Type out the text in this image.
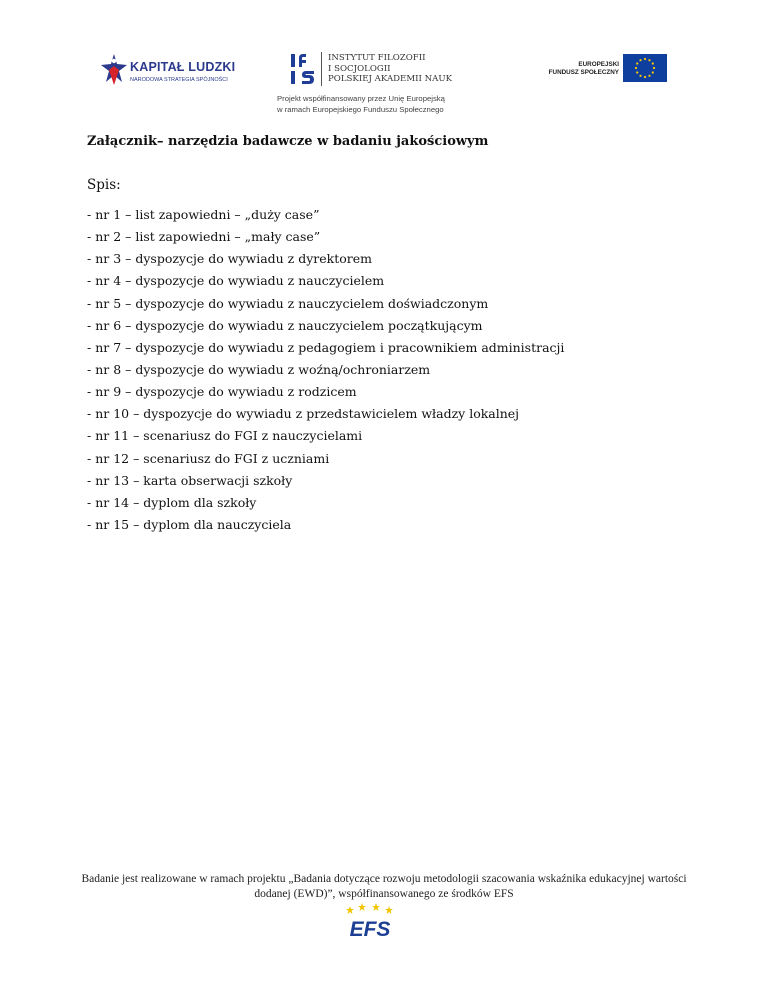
KAPITAŁ LUDZKI
NARODOWA STRATEGIA SPÓJNOŚCI
INSTYTUT FILOZOFII
I SOCJOLOGII
POLSKIEJ AKADEMII NAUK
EUROPEJSKI
FUNDUSZ SPOŁECZNY
Projekt współfinansowany przez Unię Europejską
w ramach Europejskiego Funduszu Społecznego
Załącznik– narzędzia badawcze w badaniu jakościowym
Spis:
- nr 1 – list zapowiedni – „duży case”
- nr 2 – list zapowiedni – „mały case”
- nr 3 – dyspozycje do wywiadu z dyrektorem
- nr 4 – dyspozycje do wywiadu z nauczycielem
- nr 5 – dyspozycje do wywiadu z nauczycielem doświadczonym
- nr 6 – dyspozycje do wywiadu z nauczycielem początkującym
- nr 7 – dyspozycje do wywiadu z pedagogiem i pracownikiem administracji
- nr 8 – dyspozycje do wywiadu z woźną/ochroniarzem
- nr 9 – dyspozycje do wywiadu z rodzicem
- nr 10 – dyspozycje do wywiadu z przedstawicielem władzy lokalnej
- nr 11 – scenariusz do FGI z nauczycielami
- nr 12 – scenariusz do FGI z uczniami
- nr 13 – karta obserwacji szkoły
- nr 14 – dyplom dla szkoły
- nr 15 – dyplom dla nauczyciela
Badanie jest realizowane w ramach projektu „Badania dotyczące rozwoju metodologii szacowania wskaźnika edukacyjnej wartości
dodanej (EWD)”, współfinansowanego ze środków EFS
EFS
